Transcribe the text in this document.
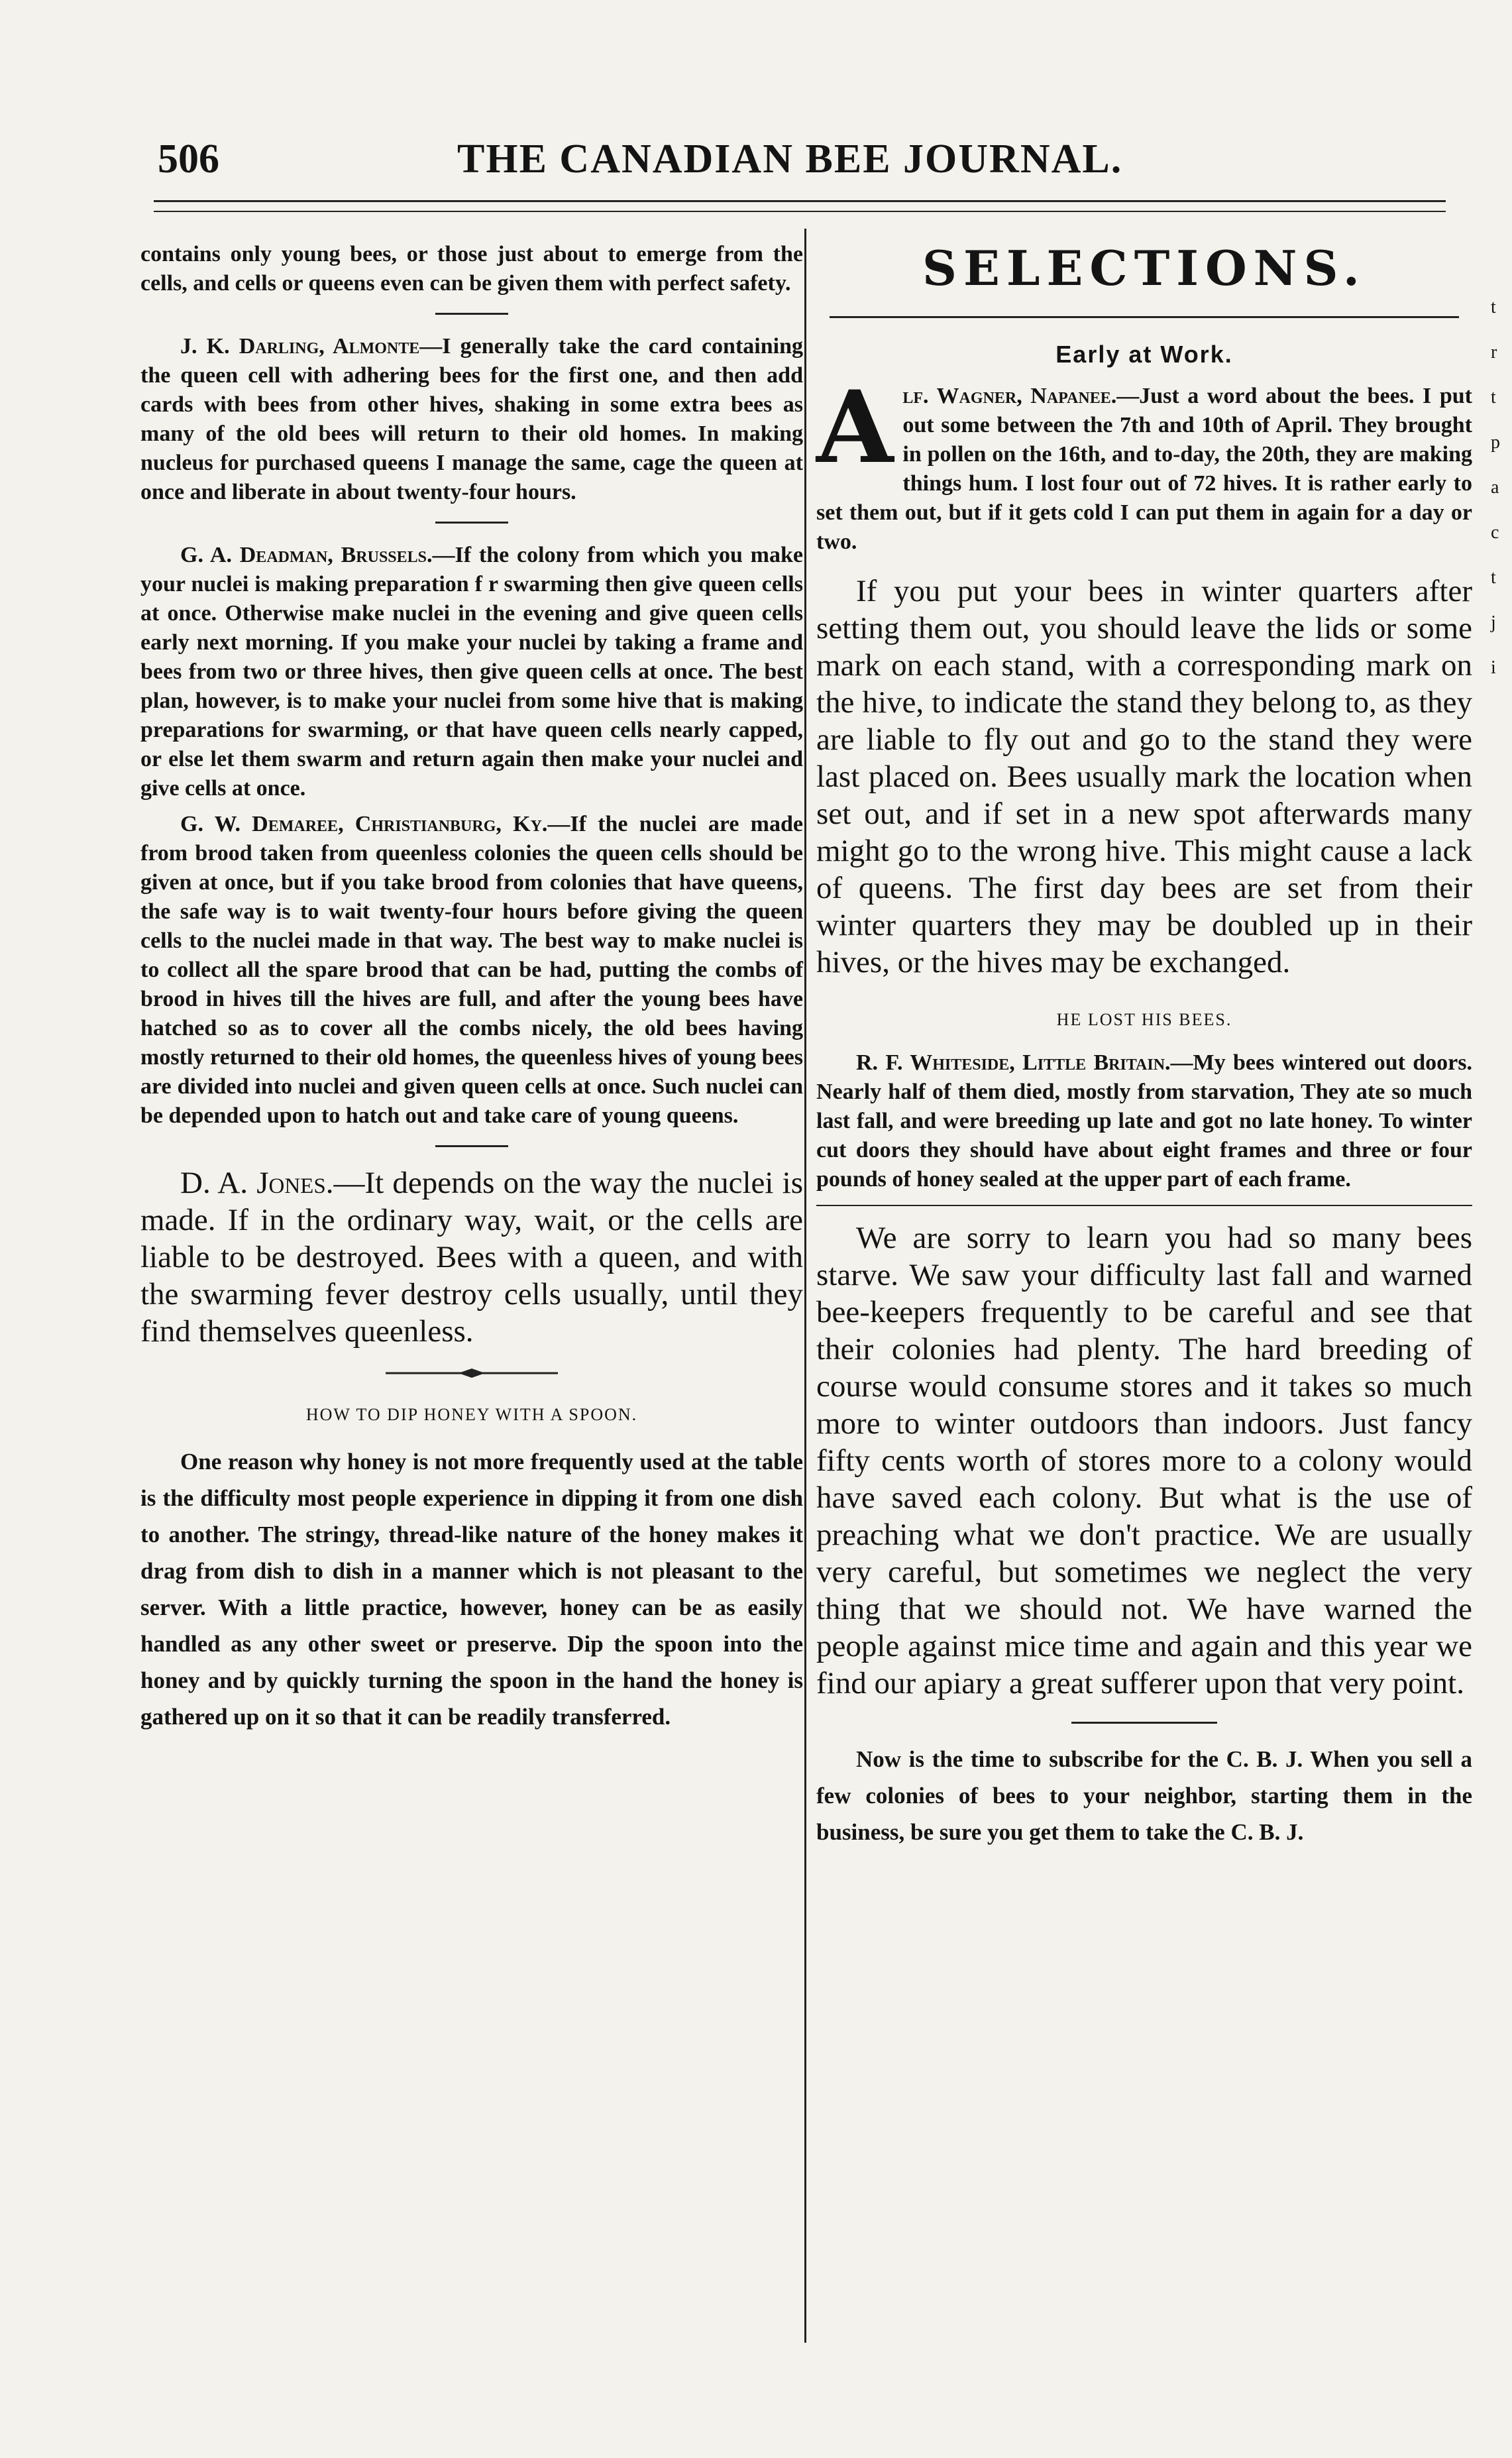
506	THE CANADIAN BEE JOURNAL.

contains only young bees, or those just about to emerge from the cells, and cells or queens even can be given them with perfect safety.

J. K. Darling, Almonte—I generally take the card containing the queen cell with adhering bees for the first one, and then add cards with bees from other hives, shaking in some extra bees as many of the old bees will return to their old homes. In making nucleus for purchased queens I manage the same, cage the queen at once and liberate in about twenty-four hours.

G. A. Deadman, Brussels.—If the colony from which you make your nuclei is making preparation f r swarming then give queen cells at once. Otherwise make nuclei in the evening and give queen cells early next morning. If you make your nuclei by taking a frame and bees from two or three hives, then give queen cells at once. The best plan, however, is to make your nuclei from some hive that is making preparations for swarming, or that have queen cells nearly capped, or else let them swarm and return again then make your nuclei and give cells at once.

G. W. Demaree, Christianburg, Ky.—If the nuclei are made from brood taken from queenless colonies the queen cells should be given at once, but if you take brood from colonies that have queens, the safe way is to wait twenty-four hours before giving the queen cells to the nuclei made in that way. The best way to make nuclei is to collect all the spare brood that can be had, putting the combs of brood in hives till the hives are full, and after the young bees have hatched so as to cover all the combs nicely, the old bees having mostly returned to their old homes, the queenless hives of young bees are divided into nuclei and given queen cells at once. Such nuclei can be depended upon to hatch out and take care of young queens.

D. A. Jones.—It depends on the way the nuclei is made. If in the ordinary way, wait, or the cells are liable to be destroyed. Bees with a queen, and with the swarming fever destroy cells usually, until they find themselves queenless.

HOW TO DIP HONEY WITH A SPOON.

One reason why honey is not more frequently used at the table is the difficulty most people experience in dipping it from one dish to another. The stringy, thread-like nature of the honey makes it drag from dish to dish in a manner which is not pleasant to the server. With a little practice, however, honey can be as easily handled as any other sweet or preserve. Dip the spoon into the honey and by quickly turning the spoon in the hand the honey is gathered up on it so that it can be readily transferred.

SELECTIONS.
Early at Work.

Alf. Wagner, Napanee.—Just a word about the bees. I put out some between the 7th and 10th of April. They brought in pollen on the 16th, and to-day, the 20th, they are making things hum. I lost four out of 72 hives. It is rather early to set them out, but if it gets cold I can put them in again for a day or two.

If you put your bees in winter quarters after setting them out, you should leave the lids or some mark on each stand, with a corresponding mark on the hive, to indicate the stand they belong to, as they are liable to fly out and go to the stand they were last placed on. Bees usually mark the location when set out, and if set in a new spot afterwards many might go to the wrong hive. This might cause a lack of queens. The first day bees are set from their winter quarters they may be doubled up in their hives, or the hives may be exchanged.

HE LOST HIS BEES.

R. F. Whiteside, Little Britain.—My bees wintered out doors. Nearly half of them died, mostly from starvation, They ate so much last fall, and were breeding up late and got no late honey. To winter cut doors they should have about eight frames and three or four pounds of honey sealed at the upper part of each frame.

We are sorry to learn you had so many bees starve. We saw your difficulty last fall and warned bee-keepers frequently to be careful and see that their colonies had plenty. The hard breeding of course would consume stores and it takes so much more to winter outdoors than indoors. Just fancy fifty cents worth of stores more to a colony would have saved each colony. But what is the use of preaching what we don't practice. We are usually very careful, but sometimes we neglect the very thing that we should not. We have warned the people against mice time and again and this year we find our apiary a great sufferer upon that very point.

Now is the time to subscribe for the C. B. J. When you sell a few colonies of bees to your neighbor, starting them in the business, be sure you get them to take the C. B. J.

t
r
t
p
a
c
t
j
i
